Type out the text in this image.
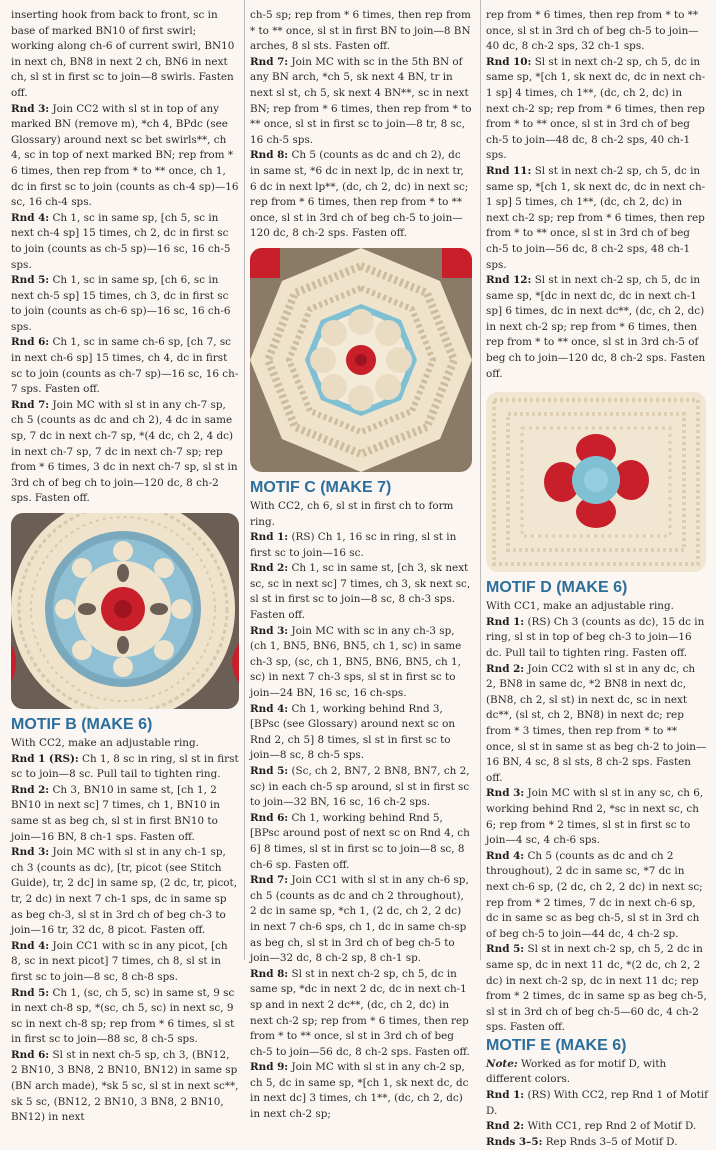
inserting hook from back to front, sc in base of marked BN10 of first swirl; working along ch-6 of current swirl, BN10 in next ch, BN8 in next 2 ch, BN6 in next ch, sl st in first sc to join—8 swirls. Fasten off.

Rnd 3: Join CC2 with sl st in top of any marked BN (remove m), *ch 4, BPdc (see Glossary) around next sc bet swirls**, ch 4, sc in top of next marked BN; rep from * 6 times, then rep from * to ** once, ch 1, dc in first sc to join (counts as ch-4 sp)—16 sc, 16 ch-4 sps.

Rnd 4: Ch 1, sc in same sp, [ch 5, sc in next ch-4 sp] 15 times, ch 2, dc in first sc to join (counts as ch-5 sp)—16 sc, 16 ch-5 sps.

Rnd 5: Ch 1, sc in same sp, [ch 6, sc in next ch-5 sp] 15 times, ch 3, dc in first sc to join (counts as ch-6 sp)—16 sc, 16 ch-6 sps.

Rnd 6: Ch 1, sc in same ch-6 sp, [ch 7, sc in next ch-6 sp] 15 times, ch 4, dc in first sc to join (counts as ch-7 sp)—16 sc, 16 ch-7 sps. Fasten off.

Rnd 7: Join MC with sl st in any ch-7 sp, ch 5 (counts as dc and ch 2), 4 dc in same sp, 7 dc in next ch-7 sp, *(4 dc, ch 2, 4 dc) in next ch-7 sp, 7 dc in next ch-7 sp; rep from * 6 times, 3 dc in next ch-7 sp, sl st in 3rd ch of beg ch to join—120 dc, 8 ch-2 sps. Fasten off.

MOTIF B (MAKE 6)

With CC2, make an adjustable ring.

Rnd 1 (RS): Ch 1, 8 sc in ring, sl st in first sc to join—8 sc. Pull tail to tighten ring.

Rnd 2: Ch 3, BN10 in same st, [ch 1, 2 BN10 in next sc] 7 times, ch 1, BN10 in same st as beg ch, sl st in first BN10 to join—16 BN, 8 ch-1 sps. Fasten off.

Rnd 3: Join MC with sl st in any ch-1 sp, ch 3 (counts as dc), [tr, picot (see Stitch Guide), tr, 2 dc] in same sp, (2 dc, tr, picot, tr, 2 dc) in next 7 ch-1 sps, dc in same sp as beg ch-3, sl st in 3rd ch of beg ch-3 to join—16 tr, 32 dc, 8 picot. Fasten off.

Rnd 4: Join CC1 with sc in any picot, [ch 8, sc in next picot] 7 times, ch 8, sl st in first sc to join—8 sc, 8 ch-8 sps.

Rnd 5: Ch 1, (sc, ch 5, sc) in same st, 9 sc in next ch-8 sp, *(sc, ch 5, sc) in next sc, 9 sc in next ch-8 sp; rep from * 6 times, sl st in first sc to join—88 sc, 8 ch-5 sps.

Rnd 6: Sl st in next ch-5 sp, ch 3, (BN12, 2 BN10, 3 BN8, 2 BN10, BN12) in same sp (BN arch made), *sk 5 sc, sl st in next sc**, sk 5 sc, (BN12, 2 BN10, 3 BN8, 2 BN10, BN12) in next

ch-5 sp; rep from * 6 times, then rep from * to ** once, sl st in first BN to join—8 BN arches, 8 sl sts. Fasten off.

Rnd 7: Join MC with sc in the 5th BN of any BN arch, *ch 5, sk next 4 BN, tr in next sl st, ch 5, sk next 4 BN**, sc in next BN; rep from * 6 times, then rep from * to ** once, sl st in first sc to join—8 tr, 8 sc, 16 ch-5 sps.

Rnd 8: Ch 5 (counts as dc and ch 2), dc in same st, *6 dc in next lp, dc in next tr, 6 dc in next lp**, (dc, ch 2, dc) in next sc; rep from * 6 times, then rep from * to ** once, sl st in 3rd ch of beg ch-5 to join—120 dc, 8 ch-2 sps. Fasten off.

MOTIF C (MAKE 7)

With CC2, ch 6, sl st in first ch to form ring.

Rnd 1: (RS) Ch 1, 16 sc in ring, sl st in first sc to join—16 sc.

Rnd 2: Ch 1, sc in same st, [ch 3, sk next sc, sc in next sc] 7 times, ch 3, sk next sc, sl st in first sc to join—8 sc, 8 ch-3 sps. Fasten off.

Rnd 3: Join MC with sc in any ch-3 sp, (ch 1, BN5, BN6, BN5, ch 1, sc) in same ch-3 sp, (sc, ch 1, BN5, BN6, BN5, ch 1, sc) in next 7 ch-3 sps, sl st in first sc to join—24 BN, 16 sc, 16 ch-sps.

Rnd 4: Ch 1, working behind Rnd 3, [BPsc (see Glossary) around next sc on Rnd 2, ch 5] 8 times, sl st in first sc to join—8 sc, 8 ch-5 sps.

Rnd 5: (Sc, ch 2, BN7, 2 BN8, BN7, ch 2, sc) in each ch-5 sp around, sl st in first sc to join—32 BN, 16 sc, 16 ch-2 sps.

Rnd 6: Ch 1, working behind Rnd 5, [BPsc around post of next sc on Rnd 4, ch 6] 8 times, sl st in first sc to join—8 sc, 8 ch-6 sp. Fasten off.

Rnd 7: Join CC1 with sl st in any ch-6 sp, ch 5 (counts as dc and ch 2 throughout), 2 dc in same sp, *ch 1, (2 dc, ch 2, 2 dc) in next 7 ch-6 sps, ch 1, dc in same ch-sp as beg ch, sl st in 3rd ch of beg ch-5 to join—32 dc, 8 ch-2 sp, 8 ch-1 sp.

Rnd 8: Sl st in next ch-2 sp, ch 5, dc in same sp, *dc in next 2 dc, dc in next ch-1 sp and in next 2 dc**, (dc, ch 2, dc) in next ch-2 sp; rep from * 6 times, then rep from * to ** once, sl st in 3rd ch of beg ch-5 to join—56 dc, 8 ch-2 sps. Fasten off.

Rnd 9: Join MC with sl st in any ch-2 sp, ch 5, dc in same sp, *[ch 1, sk next dc, dc in next dc] 3 times, ch 1**, (dc, ch 2, dc) in next ch-2 sp;

rep from * 6 times, then rep from * to ** once, sl st in 3rd ch of beg ch-5 to join—40 dc, 8 ch-2 sps, 32 ch-1 sps.

Rnd 10: Sl st in next ch-2 sp, ch 5, dc in same sp, *[ch 1, sk next dc, dc in next ch-1 sp] 4 times, ch 1**, (dc, ch 2, dc) in next ch-2 sp; rep from * 6 times, then rep from * to ** once, sl st in 3rd ch of beg ch-5 to join—48 dc, 8 ch-2 sps, 40 ch-1 sps.

Rnd 11: Sl st in next ch-2 sp, ch 5, dc in same sp, *[ch 1, sk next dc, dc in next ch-1 sp] 5 times, ch 1**, (dc, ch 2, dc) in next ch-2 sp; rep from * 6 times, then rep from * to ** once, sl st in 3rd ch of beg ch-5 to join—56 dc, 8 ch-2 sps, 48 ch-1 sps.

Rnd 12: Sl st in next ch-2 sp, ch 5, dc in same sp, *[dc in next dc, dc in next ch-1 sp] 6 times, dc in next dc**, (dc, ch 2, dc) in next ch-2 sp; rep from * 6 times, then rep from * to ** once, sl st in 3rd ch-5 of beg ch to join—120 dc, 8 ch-2 sps. Fasten off.

MOTIF D (MAKE 6)

With CC1, make an adjustable ring.

Rnd 1: (RS) Ch 3 (counts as dc), 15 dc in ring, sl st in top of beg ch-3 to join—16 dc. Pull tail to tighten ring. Fasten off.

Rnd 2: Join CC2 with sl st in any dc, ch 2, BN8 in same dc, *2 BN8 in next dc, (BN8, ch 2, sl st) in next dc, sc in next dc**, (sl st, ch 2, BN8) in next dc; rep from * 3 times, then rep from * to ** once, sl st in same st as beg ch-2 to join—16 BN, 4 sc, 8 sl sts, 8 ch-2 sps. Fasten off.

Rnd 3: Join MC with sl st in any sc, ch 6, working behind Rnd 2, *sc in next sc, ch 6; rep from * 2 times, sl st in first sc to join—4 sc, 4 ch-6 sps.

Rnd 4: Ch 5 (counts as dc and ch 2 throughout), 2 dc in same sc, *7 dc in next ch-6 sp, (2 dc, ch 2, 2 dc) in next sc; rep from * 2 times, 7 dc in next ch-6 sp, dc in same sc as beg ch-5, sl st in 3rd ch of beg ch-5 to join—44 dc, 4 ch-2 sp.

Rnd 5: Sl st in next ch-2 sp, ch 5, 2 dc in same sp, dc in next 11 dc, *(2 dc, ch 2, 2 dc) in next ch-2 sp, dc in next 11 dc; rep from * 2 times, dc in same sp as beg ch-5, sl st in 3rd ch of beg ch-5—60 dc, 4 ch-2 sps. Fasten off.

MOTIF E (MAKE 6)

Note: Worked as for motif D, with different colors.

Rnd 1: (RS) With CC2, rep Rnd 1 of Motif D.

Rnd 2: With CC1, rep Rnd 2 of Motif D.

Rnds 3–5: Rep Rnds 3–5 of Motif D.
